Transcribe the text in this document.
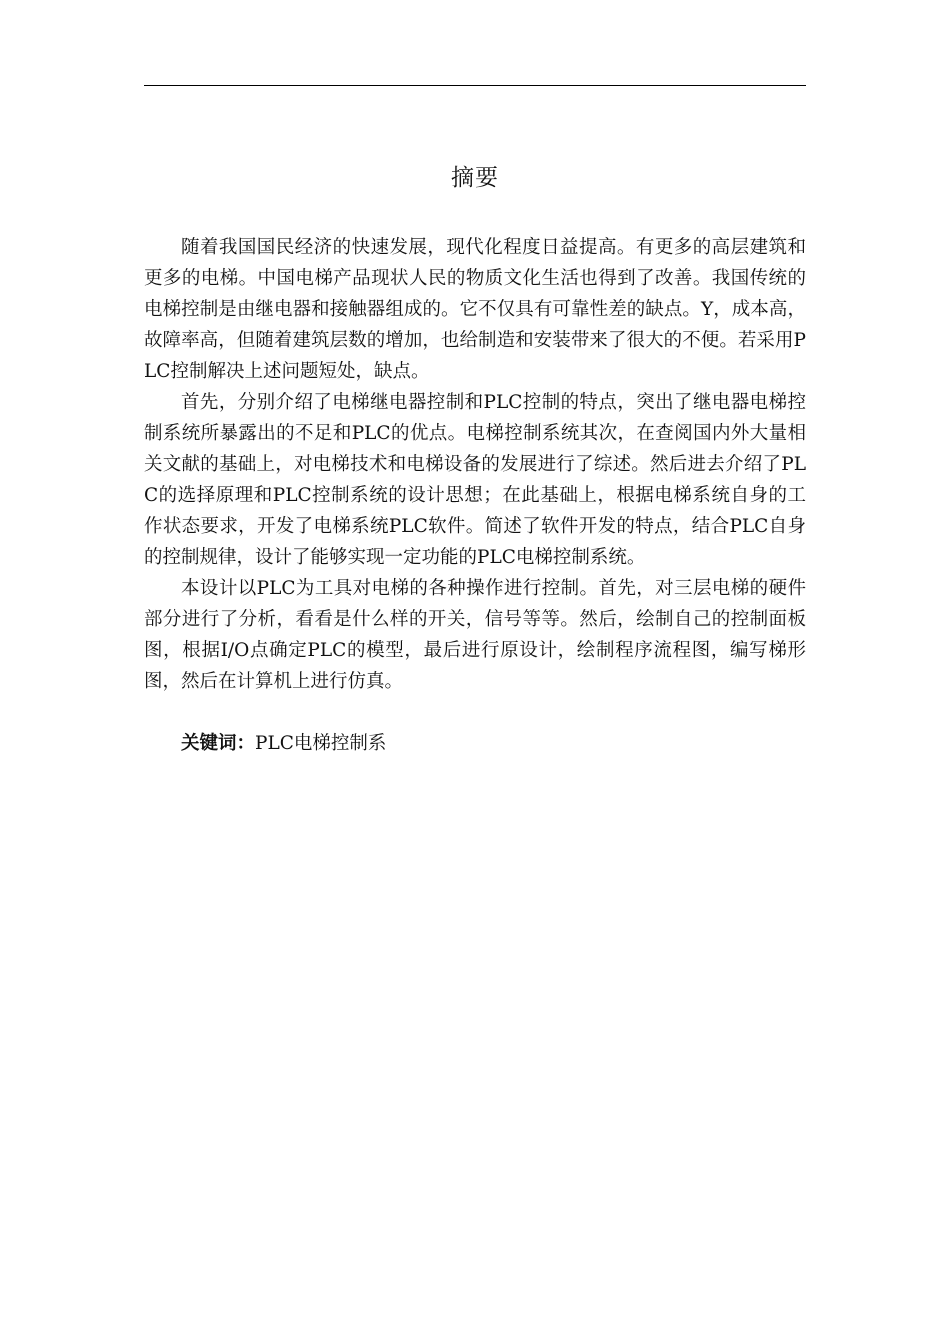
摘要

随着我国国民经济的快速发展，现代化程度日益提高。有更多的高层建筑和更多的电梯。中国电梯产品现状人民的物质文化生活也得到了改善。我国传统的电梯控制是由继电器和接触器组成的。它不仅具有可靠性差的缺点。Y，成本高，故障率高，但随着建筑层数的增加，也给制造和安装带来了很大的不便。若采用PLC控制解决上述问题短处，缺点。

首先，分别介绍了电梯继电器控制和PLC控制的特点，突出了继电器电梯控制系统所暴露出的不足和PLC的优点。电梯控制系统其次，在查阅国内外大量相关文献的基础上，对电梯技术和电梯设备的发展进行了综述。然后进去介绍了PLC的选择原理和PLC控制系统的设计思想；在此基础上，根据电梯系统自身的工作状态要求，开发了电梯系统PLC软件。简述了软件开发的特点，结合PLC自身的控制规律，设计了能够实现一定功能的PLC电梯控制系统。

本设计以PLC为工具对电梯的各种操作进行控制。首先，对三层电梯的硬件部分进行了分析，看看是什么样的开关，信号等等。然后，绘制自己的控制面板图，根据I/O点确定PLC的模型，最后进行原设计，绘制程序流程图，编写梯形图，然后在计算机上进行仿真。

关键词：PLC电梯控制系
